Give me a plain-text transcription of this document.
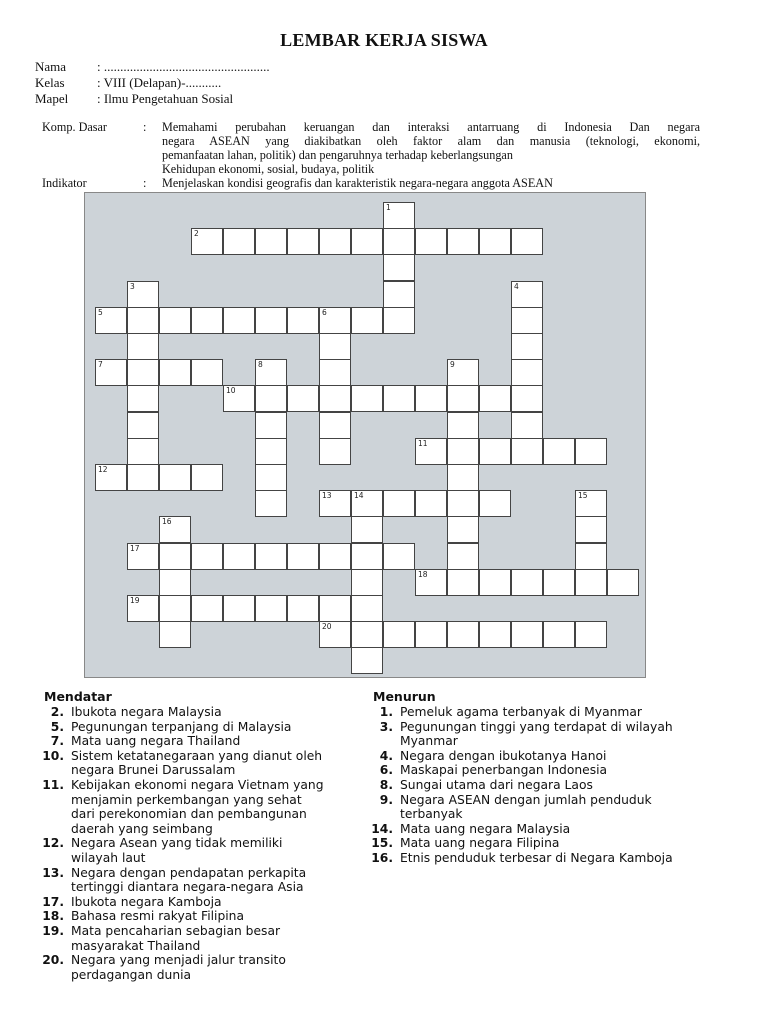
LEMBAR KERJA SISWA
Nama	: ...................................................
Kelas	: VIII (Delapan)-...........
Mapel	: Ilmu Pengetahuan Sosial
Komp. Dasar	: Memahami perubahan keruangan dan interaksi antarruang di Indonesia Dan negara
negara ASEAN yang diakibatkan oleh faktor alam dan manusia (teknologi, ekonomi,
pemanfaatan lahan, politik) dan pengaruhnya terhadap keberlangsungan
Kehidupan ekonomi, sosial, budaya, politik
Indikator	: Menjelaskan kondisi geografis dan karakteristik negara-negara anggota ASEAN
2
5	6
7
10
11
12
13	14
17
18
19
20
1
3	4
8	9
15
16
Mendatar
2. Ibukota negara Malaysia
5. Pegunungan terpanjang di Malaysia
7. Mata uang negara Thailand
10. Sistem ketatanegaraan yang dianut oleh
negara Brunei Darussalam
11. Kebijakan ekonomi negara Vietnam yang
menjamin perkembangan yang sehat
dari perekonomian dan pembangunan
daerah yang seimbang
12. Negara Asean yang tidak memiliki
wilayah laut
13. Negara dengan pendapatan perkapita
tertinggi diantara negara-negara Asia
17. Ibukota negara Kamboja
18. Bahasa resmi rakyat Filipina
19. Mata pencaharian sebagian besar
masyarakat Thailand
20. Negara yang menjadi jalur transito
perdagangan dunia
Menurun
1. Pemeluk agama terbanyak di Myanmar
3. Pegunungan tinggi yang terdapat di wilayah
Myanmar
4. Negara dengan ibukotanya Hanoi
6. Maskapai penerbangan Indonesia
8. Sungai utama dari negara Laos
9. Negara ASEAN dengan jumlah penduduk
terbanyak
14. Mata uang negara Malaysia
15. Mata uang negara Filipina
16. Etnis penduduk terbesar di Negara Kamboja
